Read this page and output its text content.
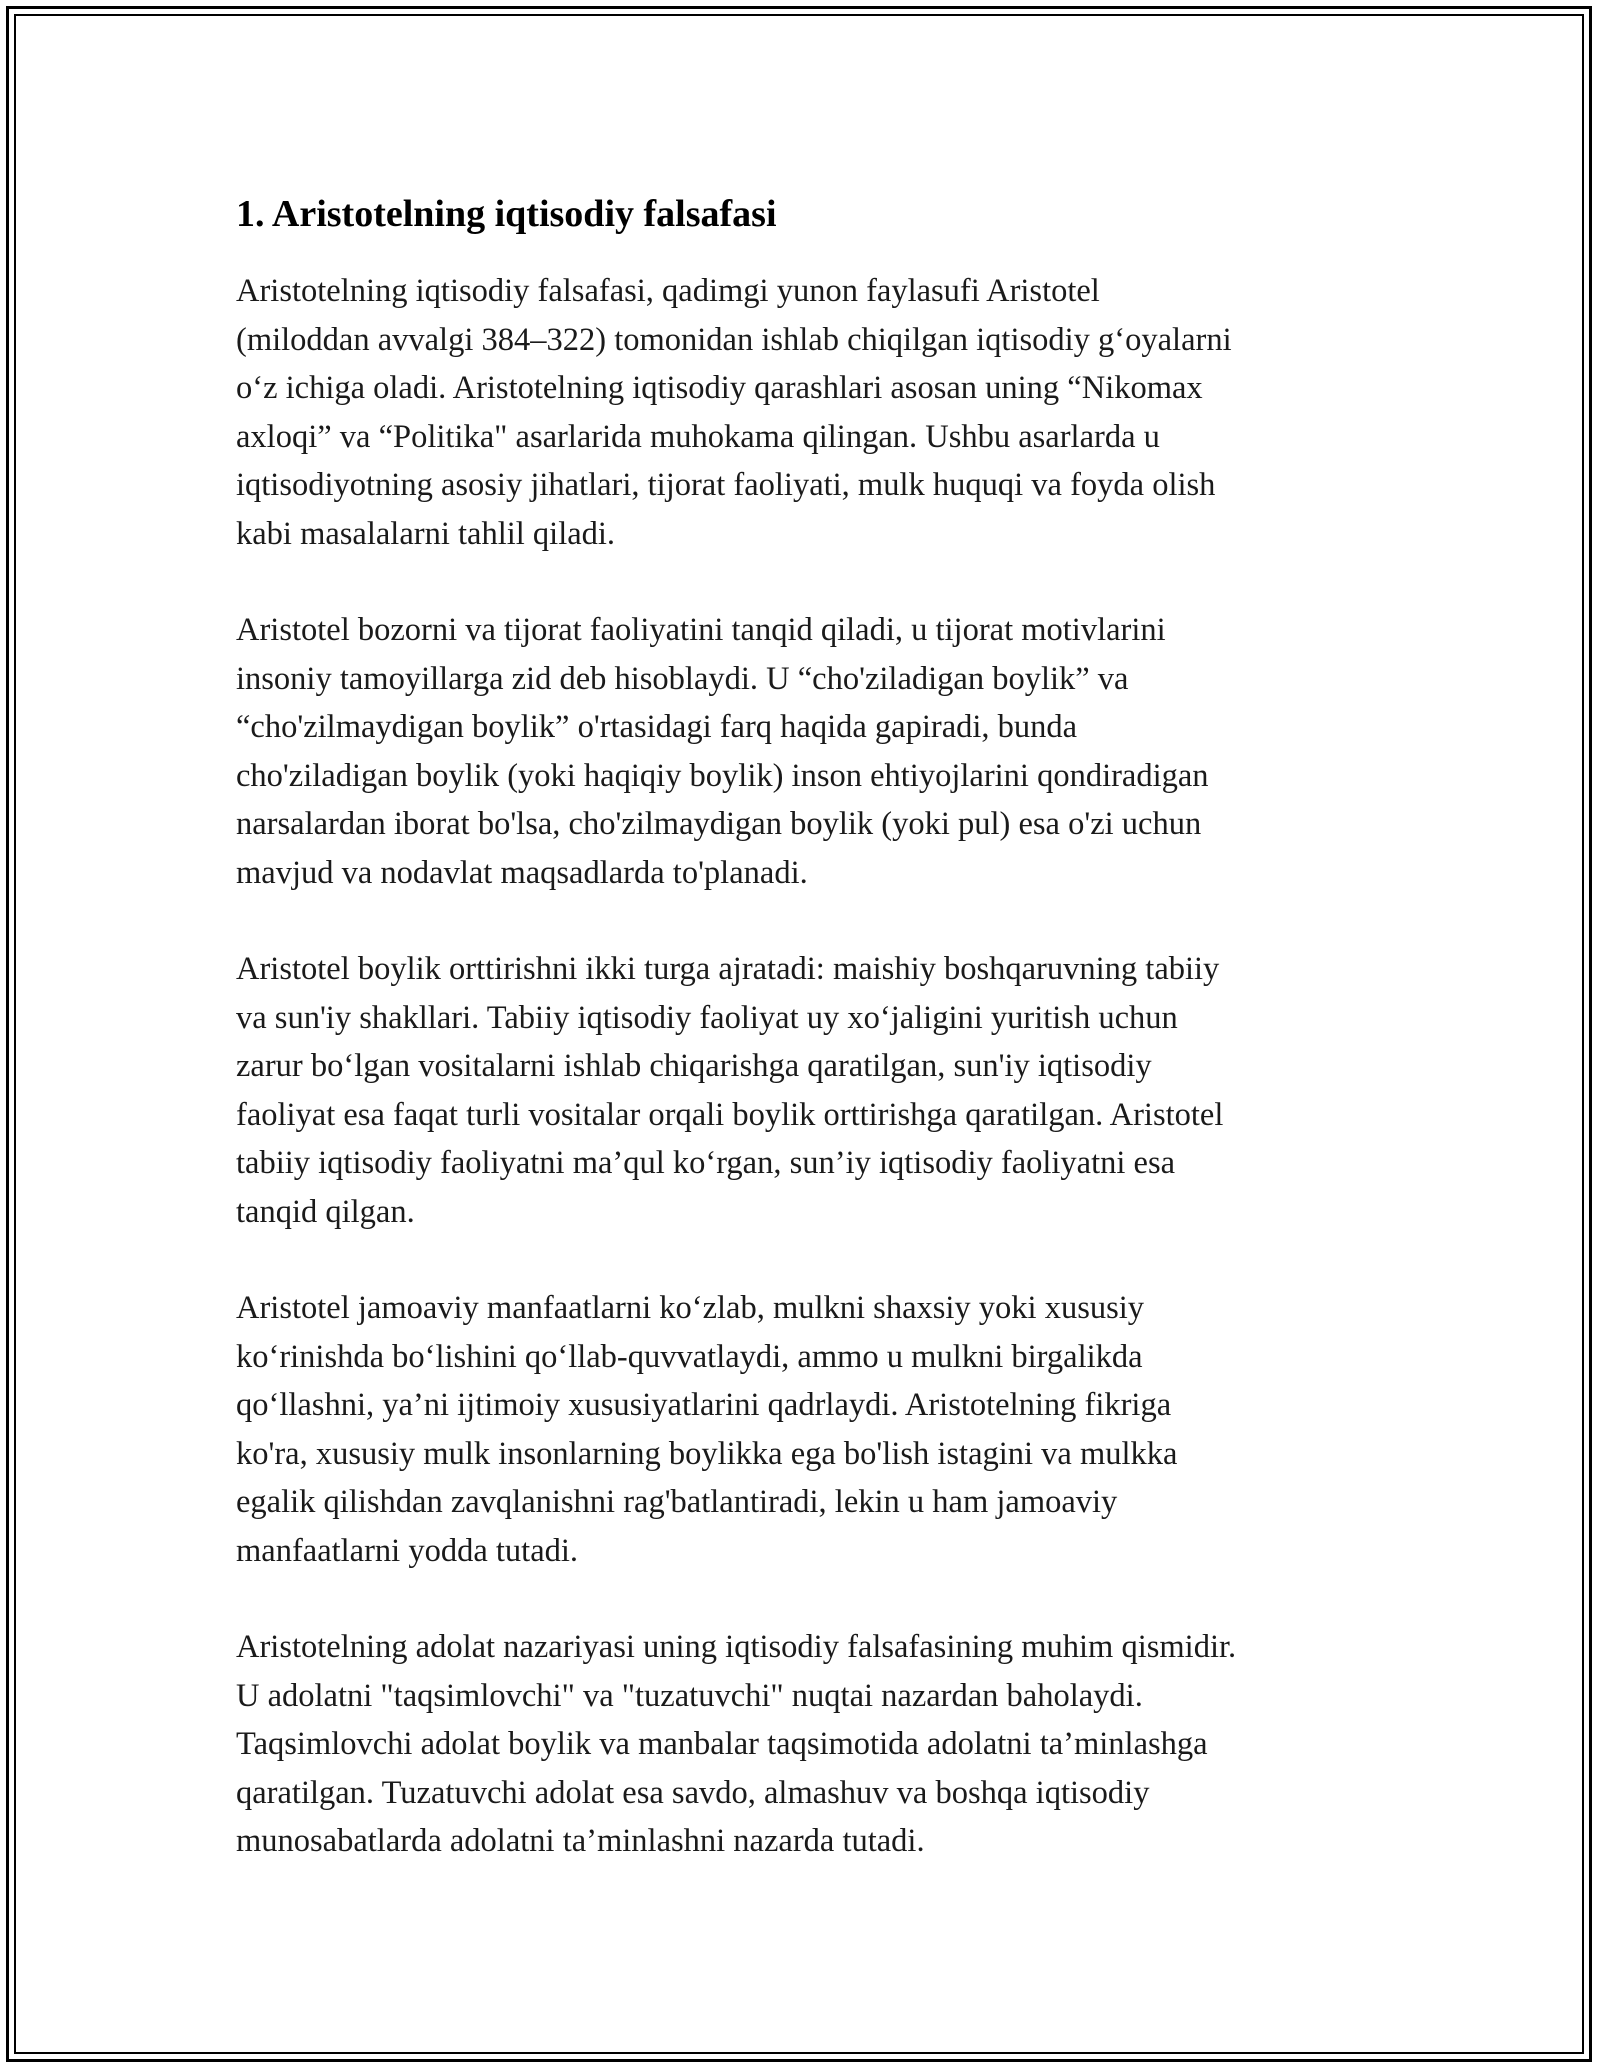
1. Aristotelning iqtisodiy falsafasi

Aristotelning iqtisodiy falsafasi, qadimgi yunon faylasufi Aristotel
(miloddan avvalgi 384–322) tomonidan ishlab chiqilgan iqtisodiy gʻoyalarni
oʻz ichiga oladi. Aristotelning iqtisodiy qarashlari asosan uning “Nikomax
axloqi” va “Politika" asarlarida muhokama qilingan. Ushbu asarlarda u
iqtisodiyotning asosiy jihatlari, tijorat faoliyati, mulk huquqi va foyda olish
kabi masalalarni tahlil qiladi.

Aristotel bozorni va tijorat faoliyatini tanqid qiladi, u tijorat motivlarini
insoniy tamoyillarga zid deb hisoblaydi. U “cho'ziladigan boylik” va
“cho'zilmaydigan boylik” o'rtasidagi farq haqida gapiradi, bunda
cho'ziladigan boylik (yoki haqiqiy boylik) inson ehtiyojlarini qondiradigan
narsalardan iborat bo'lsa, cho'zilmaydigan boylik (yoki pul) esa o'zi uchun
mavjud va nodavlat maqsadlarda to'planadi.

Aristotel boylik orttirishni ikki turga ajratadi: maishiy boshqaruvning tabiiy
va sun'iy shakllari. Tabiiy iqtisodiy faoliyat uy xoʻjaligini yuritish uchun
zarur boʻlgan vositalarni ishlab chiqarishga qaratilgan, sun'iy iqtisodiy
faoliyat esa faqat turli vositalar orqali boylik orttirishga qaratilgan. Aristotel
tabiiy iqtisodiy faoliyatni ma’qul koʻrgan, sun’iy iqtisodiy faoliyatni esa
tanqid qilgan.

Aristotel jamoaviy manfaatlarni koʻzlab, mulkni shaxsiy yoki xususiy
koʻrinishda boʻlishini qoʻllab-quvvatlaydi, ammo u mulkni birgalikda
qoʻllashni, ya’ni ijtimoiy xususiyatlarini qadrlaydi. Aristotelning fikriga
ko'ra, xususiy mulk insonlarning boylikka ega bo'lish istagini va mulkka
egalik qilishdan zavqlanishni rag'batlantiradi, lekin u ham jamoaviy
manfaatlarni yodda tutadi.

Aristotelning adolat nazariyasi uning iqtisodiy falsafasining muhim qismidir.
U adolatni "taqsimlovchi" va "tuzatuvchi" nuqtai nazardan baholaydi.
Taqsimlovchi adolat boylik va manbalar taqsimotida adolatni ta’minlashga
qaratilgan. Tuzatuvchi adolat esa savdo, almashuv va boshqa iqtisodiy
munosabatlarda adolatni ta’minlashni nazarda tutadi.
